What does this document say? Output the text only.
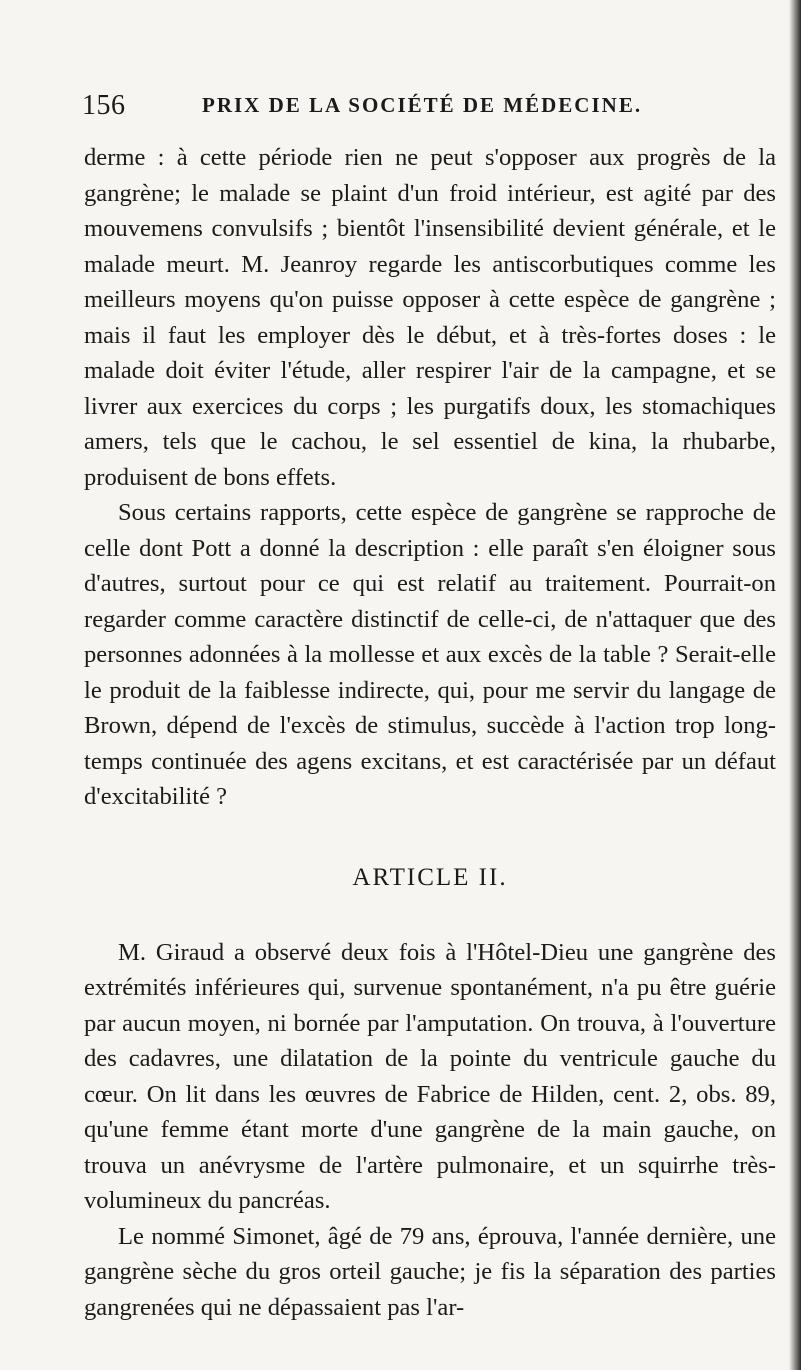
156	PRIX DE LA SOCIÉTÉ DE MÉDECINE.

derme : à cette période rien ne peut s'opposer aux progrès de la gangrène; le malade se plaint d'un froid intérieur, est agité par des mouvemens convulsifs ; bientôt l'insensibilité devient générale, et le malade meurt. M. Jeanroy regarde les antiscorbutiques comme les meilleurs moyens qu'on puisse opposer à cette espèce de gangrène ; mais il faut les employer dès le début, et à très-fortes doses : le malade doit éviter l'étude, aller respirer l'air de la campagne, et se livrer aux exercices du corps ; les purgatifs doux, les stomachiques amers, tels que le cachou, le sel essentiel de kina, la rhubarbe, produisent de bons effets.

Sous certains rapports, cette espèce de gangrène se rapproche de celle dont Pott a donné la description : elle paraît s'en éloigner sous d'autres, surtout pour ce qui est relatif au traitement. Pourrait-on regarder comme caractère distinctif de celle-ci, de n'attaquer que des personnes adonnées à la mollesse et aux excès de la table ? Serait-elle le produit de la faiblesse indirecte, qui, pour me servir du langage de Brown, dépend de l'excès de stimulus, succède à l'action trop long-temps continuée des agens excitans, et est caractérisée par un défaut d'excitabilité ?

ARTICLE II.

M. Giraud a observé deux fois à l'Hôtel-Dieu une gangrène des extrémités inférieures qui, survenue spontanément, n'a pu être guérie par aucun moyen, ni bornée par l'amputation. On trouva, à l'ouverture des cadavres, une dilatation de la pointe du ventricule gauche du cœur. On lit dans les œuvres de Fabrice de Hilden, cent. 2, obs. 89, qu'une femme étant morte d'une gangrène de la main gauche, on trouva un anévrysme de l'artère pulmonaire, et un squirrhe très-volumineux du pancréas.

Le nommé Simonet, âgé de 79 ans, éprouva, l'année dernière, une gangrène sèche du gros orteil gauche; je fis la séparation des parties gangrenées qui ne dépassaient pas l'ar-
